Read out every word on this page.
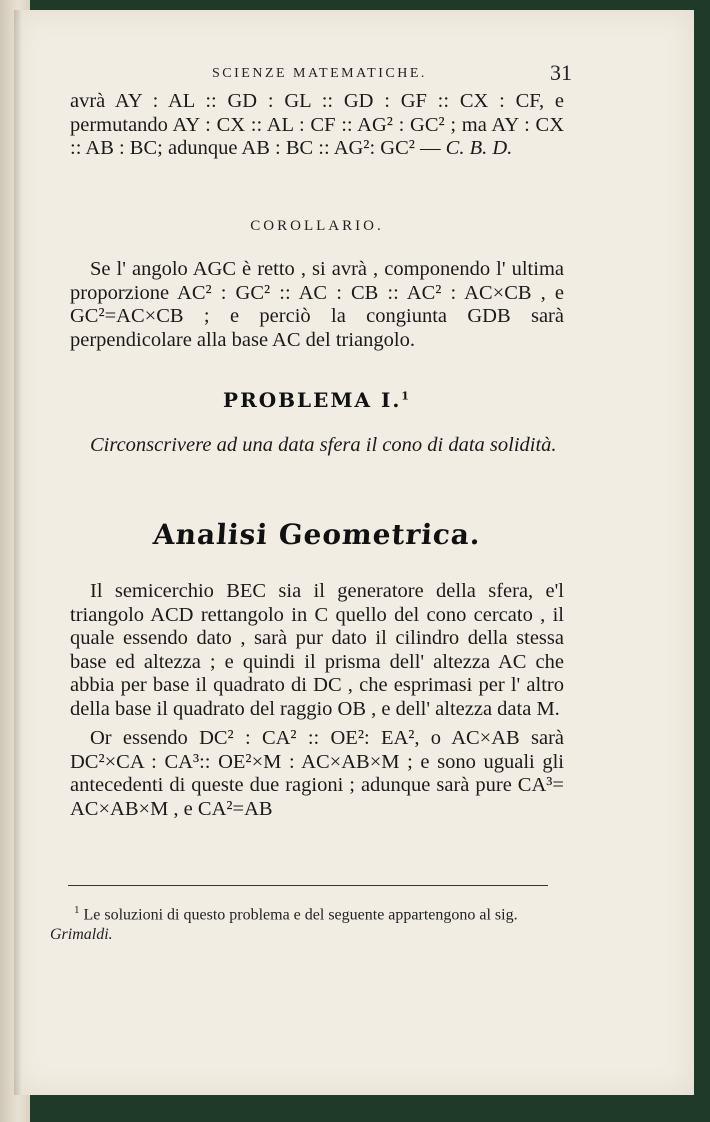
SCIENZE MATEMATICHE.	31

avrà AY : AL :: GD : GL :: GD : GF :: CX : CF, e permutando AY : CX :: AL : CF :: AG² : GC² ; ma AY : CX :: AB : BC; adunque AB : BC :: AG²: GC² — C. B. D.

COROLLARIO.

Se l' angolo AGC è retto , si avrà , componendo l' ultima proporzione AC² : GC² :: AC : CB :: AC² : AC×CB , e GC²=AC×CB ; e perciò la congiunta GDB sarà perpendicolare alla base AC del triangolo.

PROBLEMA I.$^1$

Circonscrivere ad una data sfera il cono di data solidità.

Analisi Geometrica.

Il semicerchio BEC sia il generatore della sfera, e'l triangolo ACD rettangolo in C quello del cono cercato , il quale essendo dato , sarà pur dato il cilindro della stessa base ed altezza ; e quindi il prisma dell' altezza AC che abbia per base il quadrato di DC , che esprimasi per l' altro della base il quadrato del raggio OB , e dell' altezza data M.

Or essendo DC² : CA² :: OE²: EA², o AC×AB sarà DC²×CA : CA³:: OE²×M : AC×AB×M ; e sono uguali gli antecedenti di queste due ragioni ; adunque sarà pure CA³= AC×AB×M , e CA²=AB

$^1$ Le soluzioni di questo problema e del seguente appartengono al sig. Grimaldi.
